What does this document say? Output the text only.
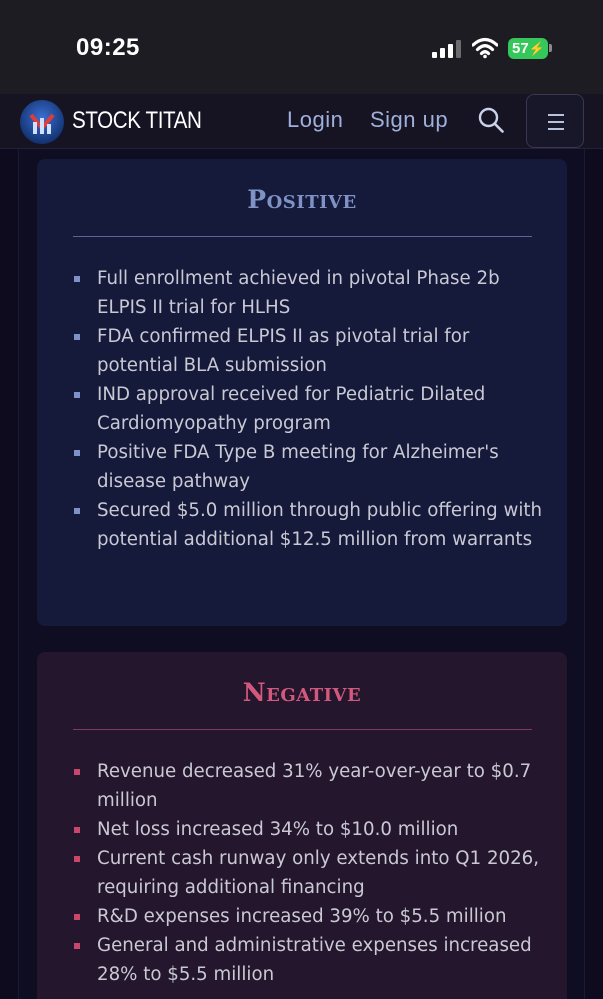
09:25	57⚡
STOCK TITAN	Login Sign up
Positive
Full enrollment achieved in pivotal Phase 2b ELPIS II trial for HLHS
FDA confirmed ELPIS II as pivotal trial for potential BLA submission
IND approval received for Pediatric Dilated Cardiomyopathy program
Positive FDA Type B meeting for Alzheimer's disease pathway
Secured $5.0 million through public offering with potential additional $12.5 million from warrants
Negative
Revenue decreased 31% year-over-year to $0.7 million
Net loss increased 34% to $10.0 million
Current cash runway only extends into Q1 2026, requiring additional financing
R&D expenses increased 39% to $5.5 million
General and administrative expenses increased 28% to $5.5 million
